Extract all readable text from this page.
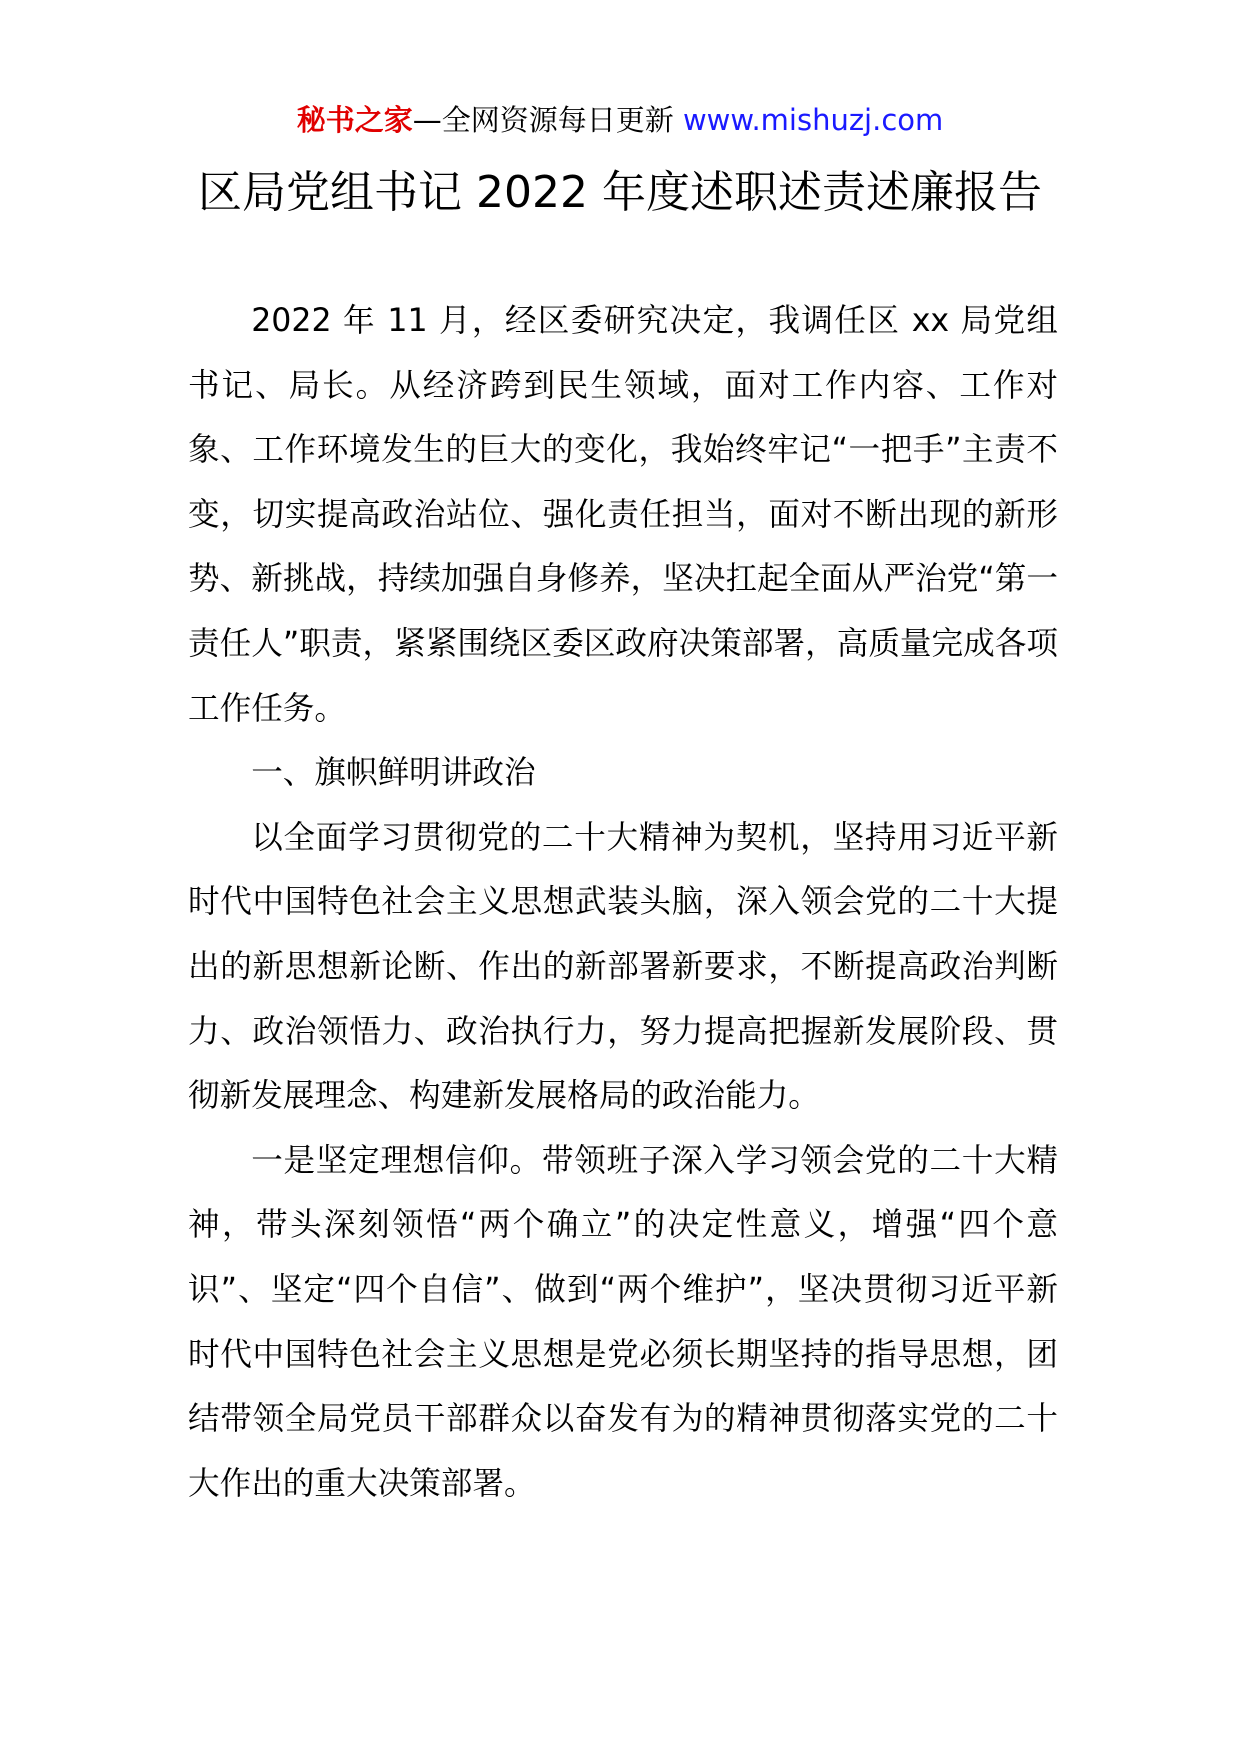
秘书之家—全网资源每日更新 www.mishuzj.com
区局党组书记 2022 年度述职述责述廉报告

2022 年 11 月，经区委研究决定，我调任区 xx 局党组书记、局长。从经济跨到民生领域，面对工作内容、工作对象、工作环境发生的巨大的变化，我始终牢记“一把手”主责不变，切实提高政治站位、强化责任担当，面对不断出现的新形势、新挑战，持续加强自身修养，坚决扛起全面从严治党“第一责任人”职责，紧紧围绕区委区政府决策部署，高质量完成各项工作任务。

一、旗帜鲜明讲政治

以全面学习贯彻党的二十大精神为契机，坚持用习近平新时代中国特色社会主义思想武装头脑，深入领会党的二十大提出的新思想新论断、作出的新部署新要求，不断提高政治判断力、政治领悟力、政治执行力，努力提高把握新发展阶段、贯彻新发展理念、构建新发展格局的政治能力。

一是坚定理想信仰。带领班子深入学习领会党的二十大精神，带头深刻领悟“两个确立”的决定性意义，增强“四个意识”、坚定“四个自信”、做到“两个维护”，坚决贯彻习近平新时代中国特色社会主义思想是党必须长期坚持的指导思想，团结带领全局党员干部群众以奋发有为的精神贯彻落实党的二十大作出的重大决策部署。
